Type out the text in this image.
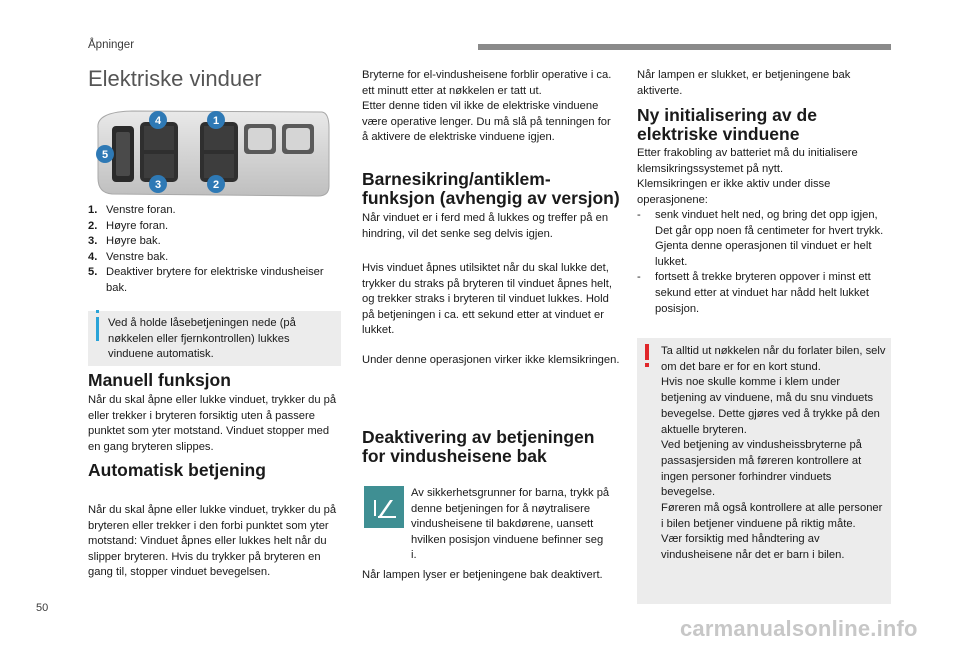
Åpninger
Elektriske vinduer
4	1
5
3	2
1. Venstre foran.
2. Høyre foran.
3. Høyre bak.
4. Venstre bak.
5. Deaktiver brytere for elektriske vindusheiser bak.

Ved å holde låsebetjeningen nede (på nøkkelen eller fjernkontrollen) lukkes vinduene automatisk.

Manuell funksjon

Når du skal åpne eller lukke vinduet, trykker du på eller trekker i bryteren forsiktig uten å passere punktet som yter motstand. Vinduet stopper med en gang bryteren slippes.

Automatisk betjening

Når du skal åpne eller lukke vinduet, trykker du på bryteren eller trekker i den forbi punktet som yter motstand: Vinduet åpnes eller lukkes helt når du slipper bryteren. Hvis du trykker på bryteren en gang til, stopper vinduet bevegelsen.

Bryterne for el-vindusheisene forblir operative i ca. ett minutt etter at nøkkelen er tatt ut.

Etter denne tiden vil ikke de elektriske vinduene være operative lenger. Du må slå på tenningen for å aktivere de elektriske vinduene igjen.

Barnesikring/antiklem-funksjon (avhengig av versjon)

Når vinduet er i ferd med å lukkes og treffer på en hindring, vil det senke seg delvis igjen.

Hvis vinduet åpnes utilsiktet når du skal lukke det, trykker du straks på bryteren til vinduet åpnes helt, og trekker straks i bryteren til vinduet lukkes. Hold på betjeningen i ca. ett sekund etter at vinduet er lukket.

Under denne operasjonen virker ikke klemsikringen.

Deaktivering av betjeningen for vindusheisene bak

Av sikkerhetsgrunner for barna, trykk på denne betjeningen for å nøytralisere vindusheisene til bakdørene, uansett hvilken posisjon vinduene befinner seg i.

Når lampen lyser er betjeningene bak deaktivert.

Når lampen er slukket, er betjeningene bak aktiverte.

Ny initialisering av de elektriske vinduene

Etter frakobling av batteriet må du initialisere klemsikringssystemet på nytt.

Klemsikringen er ikke aktiv under disse operasjonene:

- senk vinduet helt ned, og bring det opp igjen, Det går opp noen få centimeter for hvert trykk. Gjenta denne operasjonen til vinduet er helt lukket.
- fortsett å trekke bryteren oppover i minst ett sekund etter at vinduet har nådd helt lukket posisjon.

Ta alltid ut nøkkelen når du forlater bilen, selv om det bare er for en kort stund.
Hvis noe skulle komme i klem under betjening av vinduene, må du snu vinduets bevegelse. Dette gjøres ved å trykke på den aktuelle bryteren.
Ved betjening av vindusheissbryterne på passasjersiden må føreren kontrollere at ingen personer forhindrer vinduets bevegelse.
Føreren må også kontrollere at alle personer i bilen betjener vinduene på riktig måte.
Vær forsiktig med håndtering av vindusheisene når det er barn i bilen.

50
carmanualsonline.info
